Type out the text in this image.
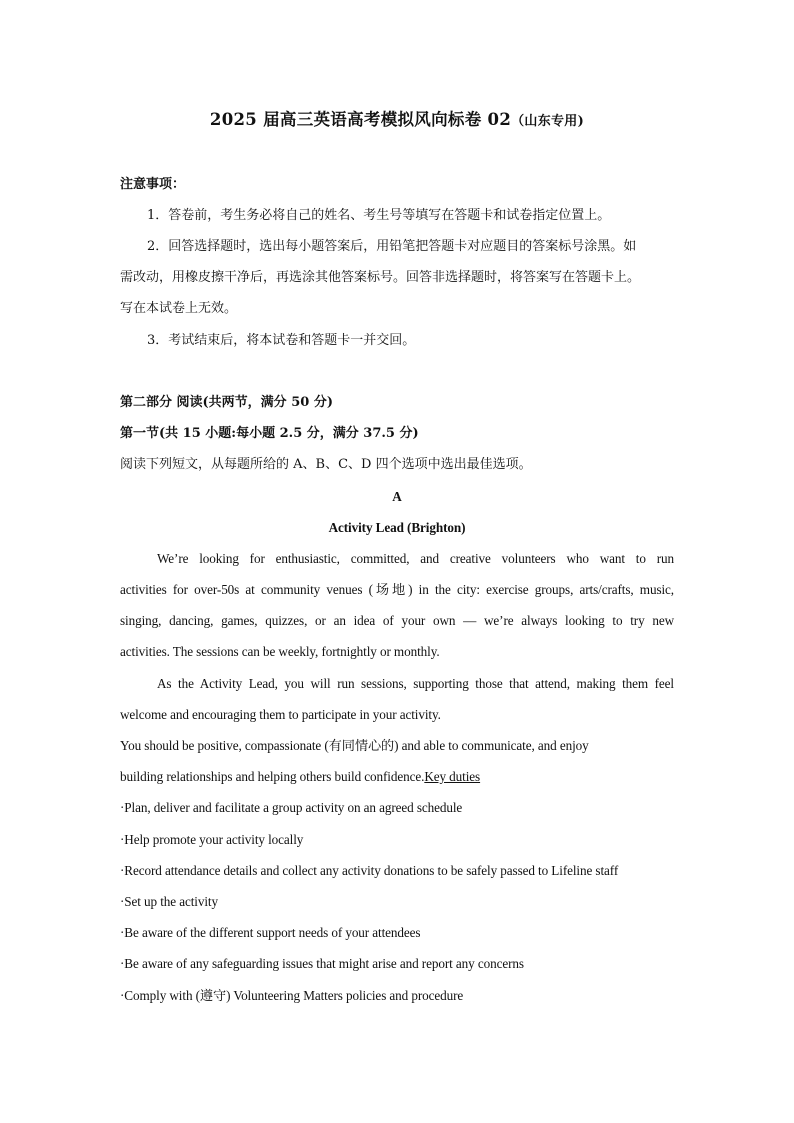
2025 届高三英语高考模拟风向标卷 02（山东专用)
注意事项：
1．答卷前，考生务必将自己的姓名、考生号等填写在答题卡和试卷指定位置上。
2．回答选择题时，选出每小题答案后，用铅笔把答题卡对应题目的答案标号涂黑。如
需改动，用橡皮擦干净后，再选涂其他答案标号。回答非选择题时，将答案写在答题卡上。
写在本试卷上无效。
3．考试结束后，将本试卷和答题卡一并交回。
第二部分 阅读(共两节，满分 50 分)
第一节(共 15 小题:每小题 2.5 分，满分 37.5 分)
阅读下列短文，从每题所给的 A、B、C、D 四个选项中选出最佳选项。
A
Activity Lead (Brighton)
We’re looking for enthusiastic, committed, and creative volunteers who want to run
activities for over-50s at community venues (场地) in the city: exercise groups, arts/crafts, music,
singing, dancing, games, quizzes, or an idea of your own — we’re always looking to try new
activities. The sessions can be weekly, fortnightly or monthly.
As the Activity Lead, you will run sessions, supporting those that attend, making them feel
welcome and encouraging them to participate in your activity.
You should be positive, compassionate (有同情心的) and able to communicate, and enjoy
building relationships and helping others build confidence.Key duties
·Plan, deliver and facilitate a group activity on an agreed schedule
·Help promote your activity locally
·Record attendance details and collect any activity donations to be safely passed to Lifeline staff
·Set up the activity
·Be aware of the different support needs of your attendees
·Be aware of any safeguarding issues that might arise and report any concerns
·Comply with (遵守) Volunteering Matters policies and procedure
